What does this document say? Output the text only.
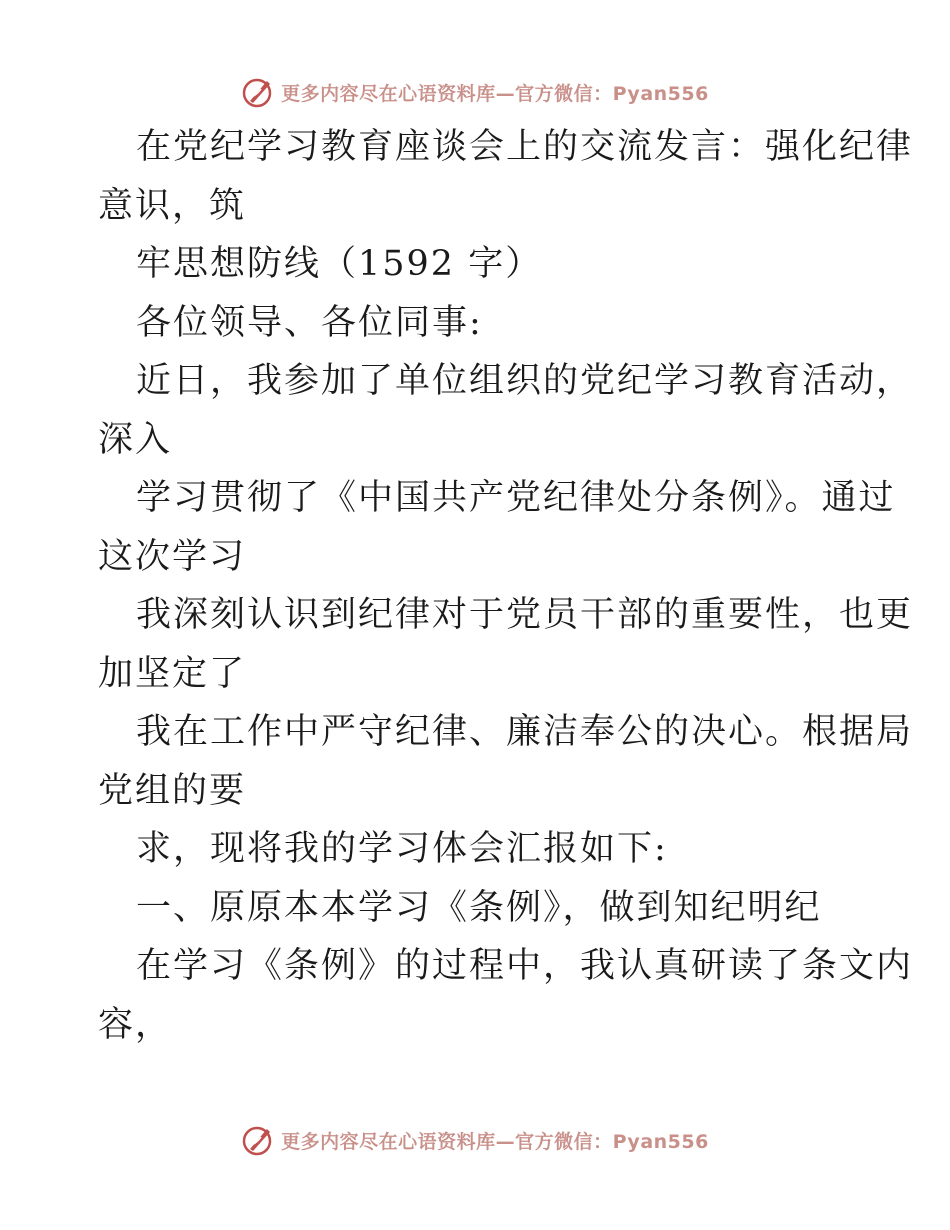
更多内容尽在心语资料库—官方微信：Pyan556
在党纪学习教育座谈会上的交流发言：强化纪律
意识，筑
牢思想防线（1592 字）
各位领导、各位同事:
近日，我参加了单位组织的党纪学习教育活动，
深入
学习贯彻了《中国共产党纪律处分条例》。通过
这次学习
我深刻认识到纪律对于党员干部的重要性，也更
加坚定了
我在工作中严守纪律、廉洁奉公的决心。根据局
党组的要
求，现将我的学习体会汇报如下:
一、原原本本学习《条例》，做到知纪明纪
在学习《条例》的过程中，我认真研读了条文内
容，
更多内容尽在心语资料库—官方微信：Pyan556
